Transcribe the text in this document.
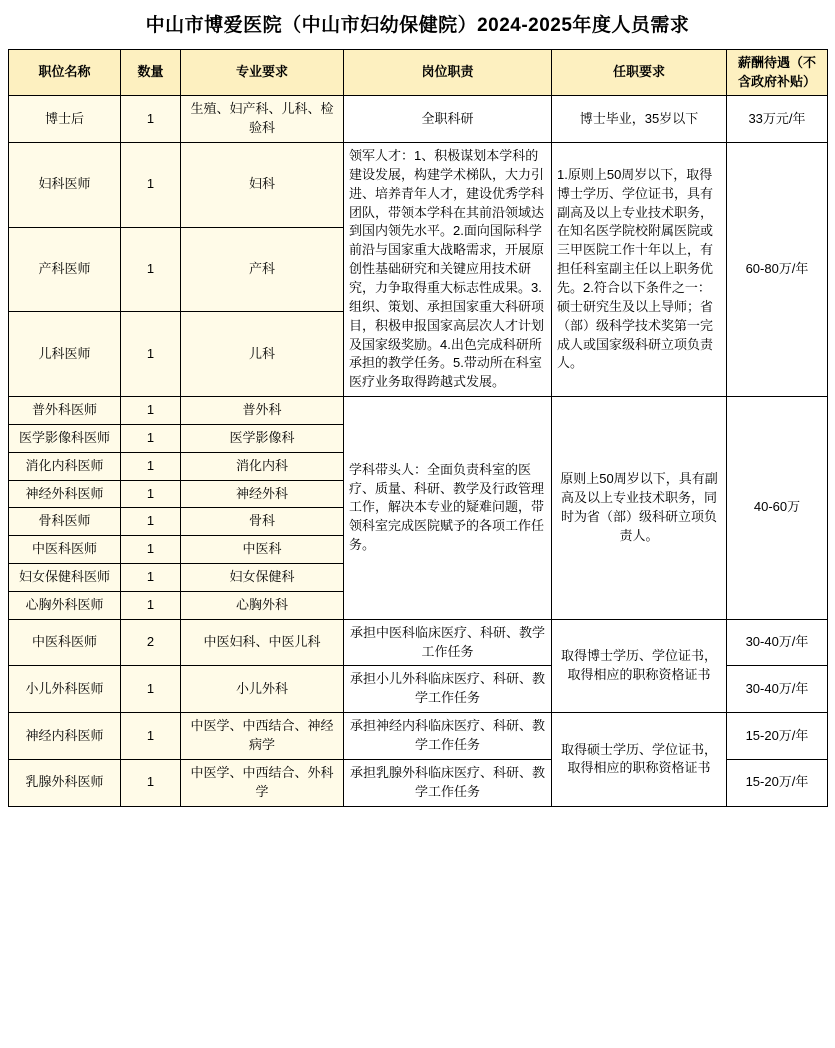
中山市博爱医院（中山市妇幼保健院）2024-2025年度人员需求
职位名称	数量	专业要求	岗位职责	任职要求	薪酬待遇（不含政府补贴）
博士后	1	生殖、妇产科、儿科、检验科	全职科研	博士毕业，35岁以下	33万元/年
妇科医师	1	妇科	领军人才：1、积极谋划本学科的建设发展，构建学术梯队，大力引进、培养青年人才，建设优秀学科团队，带领本学科在其前沿领域达到国内领先水平。2.面向国际科学前沿与国家重大战略需求，开展原创性基础研究和关键应用技术研究，力争取得重大标志性成果。3.组织、策划、承担国家重大科研项目，积极申报国家高层次人才计划及国家级奖励。4.出色完成科研所承担的教学任务。5.带动所在科室医疗业务取得跨越式发展。	1.原则上50周岁以下，取得博士学历、学位证书，具有副高及以上专业技术职务，在知名医学院校附属医院或三甲医院工作十年以上，有担任科室副主任以上职务优先。2.符合以下条件之一：硕士研究生及以上导师；省（部）级科学技术奖第一完成人或国家级科研立项负责人。	60-80万/年
产科医师	1	产科			
儿科医师	1	儿科			
普外科医师	1	普外科	学科带头人：全面负责科室的医疗、质量、科研、教学及行政管理工作，解决本专业的疑难问题，带领科室完成医院赋予的各项工作任务。	原则上50周岁以下，具有副高及以上专业技术职务，同时为省（部）级科研立项负责人。	40-60万
医学影像科医师	1	医学影像科			
消化内科医师	1	消化内科			
神经外科医师	1	神经外科			
骨科医师	1	骨科			
中医科医师	1	中医科			
妇女保健科医师	1	妇女保健科			
心胸外科医师	1	心胸外科			
中医科医师	2	中医妇科、中医儿科	承担中医科临床医疗、科研、教学工作任务	取得博士学历、学位证书，取得相应的职称资格证书	30-40万/年
小儿外科医师	1	小儿外科	承担小儿外科临床医疗、科研、教学工作任务		30-40万/年
神经内科医师	1	中医学、中西结合、神经病学	承担神经内科临床医疗、科研、教学工作任务	取得硕士学历、学位证书，取得相应的职称资格证书	15-20万/年
乳腺外科医师	1	中医学、中西结合、外科学	承担乳腺外科临床医疗、科研、教学工作任务		15-20万/年
